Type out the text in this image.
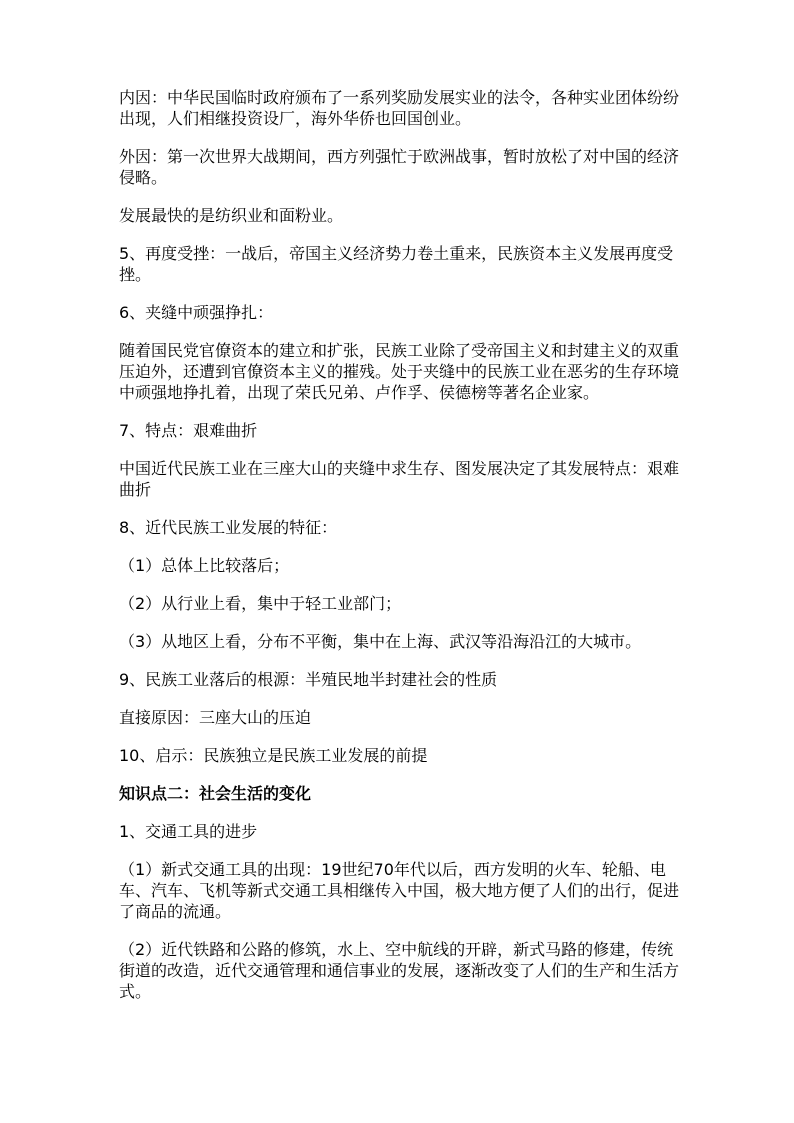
内因：中华民国临时政府颁布了一系列奖励发展实业的法令，各种实业团体纷纷出现，人们相继投资设厂，海外华侨也回国创业。

外因：第一次世界大战期间，西方列强忙于欧洲战事，暂时放松了对中国的经济侵略。

发展最快的是纺织业和面粉业。

5、再度受挫：一战后，帝国主义经济势力卷土重来，民族资本主义发展再度受挫。

6、夹缝中顽强挣扎：

随着国民党官僚资本的建立和扩张，民族工业除了受帝国主义和封建主义的双重压迫外，还遭到官僚资本主义的摧残。处于夹缝中的民族工业在恶劣的生存环境中顽强地挣扎着，出现了荣氏兄弟、卢作孚、侯德榜等著名企业家。

7、特点：艰难曲折

中国近代民族工业在三座大山的夹缝中求生存、图发展决定了其发展特点：艰难曲折

8、近代民族工业发展的特征：

（1）总体上比较落后；

（2）从行业上看，集中于轻工业部门；

（3）从地区上看，分布不平衡，集中在上海、武汉等沿海沿江的大城市。

9、民族工业落后的根源：半殖民地半封建社会的性质

直接原因：三座大山的压迫

10、启示：民族独立是民族工业发展的前提

知识点二：社会生活的变化

1、交通工具的进步

（1）新式交通工具的出现：19世纪70年代以后，西方发明的火车、轮船、电车、汽车、飞机等新式交通工具相继传入中国，极大地方便了人们的出行，促进了商品的流通。

（2）近代铁路和公路的修筑，水上、空中航线的开辟，新式马路的修建，传统街道的改造，近代交通管理和通信事业的发展，逐渐改变了人们的生产和生活方式。
